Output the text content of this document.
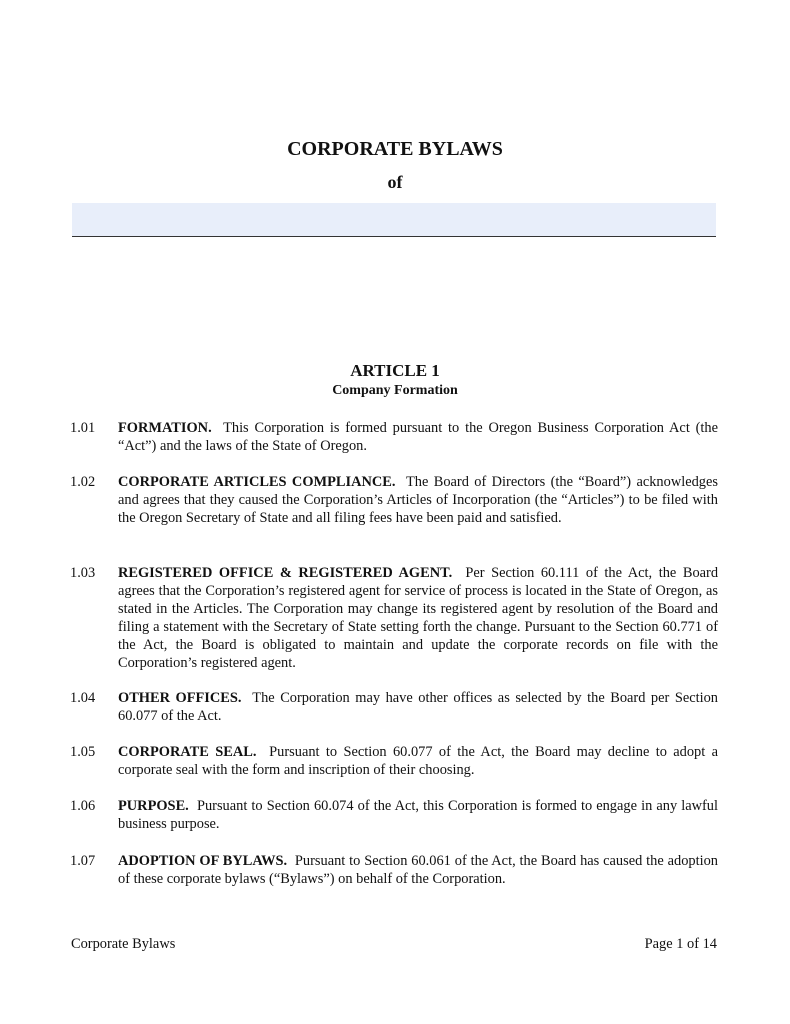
CORPORATE BYLAWS
of
ARTICLE 1
Company Formation
1.01	FORMATION. This Corporation is formed pursuant to the Oregon Business Corporation Act (the “Act”) and the laws of the State of Oregon.
1.02	CORPORATE ARTICLES COMPLIANCE. The Board of Directors (the “Board”) acknowledges and agrees that they caused the Corporation’s Articles of Incorporation (the “Articles”) to be filed with the Oregon Secretary of State and all filing fees have been paid and satisfied.
1.03	REGISTERED OFFICE & REGISTERED AGENT. Per Section 60.111 of the Act, the Board agrees that the Corporation’s registered agent for service of process is located in the State of Oregon, as stated in the Articles. The Corporation may change its registered agent by resolution of the Board and filing a statement with the Secretary of State setting forth the change. Pursuant to the Section 60.771 of the Act, the Board is obligated to maintain and update the corporate records on file with the Corporation’s registered agent.
1.04	OTHER OFFICES. The Corporation may have other offices as selected by the Board per Section 60.077 of the Act.
1.05	CORPORATE SEAL. Pursuant to Section 60.077 of the Act, the Board may decline to adopt a corporate seal with the form and inscription of their choosing.
1.06	PURPOSE. Pursuant to Section 60.074 of the Act, this Corporation is formed to engage in any lawful business purpose.
1.07	ADOPTION OF BYLAWS. Pursuant to Section 60.061 of the Act, the Board has caused the adoption of these corporate bylaws (“Bylaws”) on behalf of the Corporation.
Corporate Bylaws	Page 1 of 14
